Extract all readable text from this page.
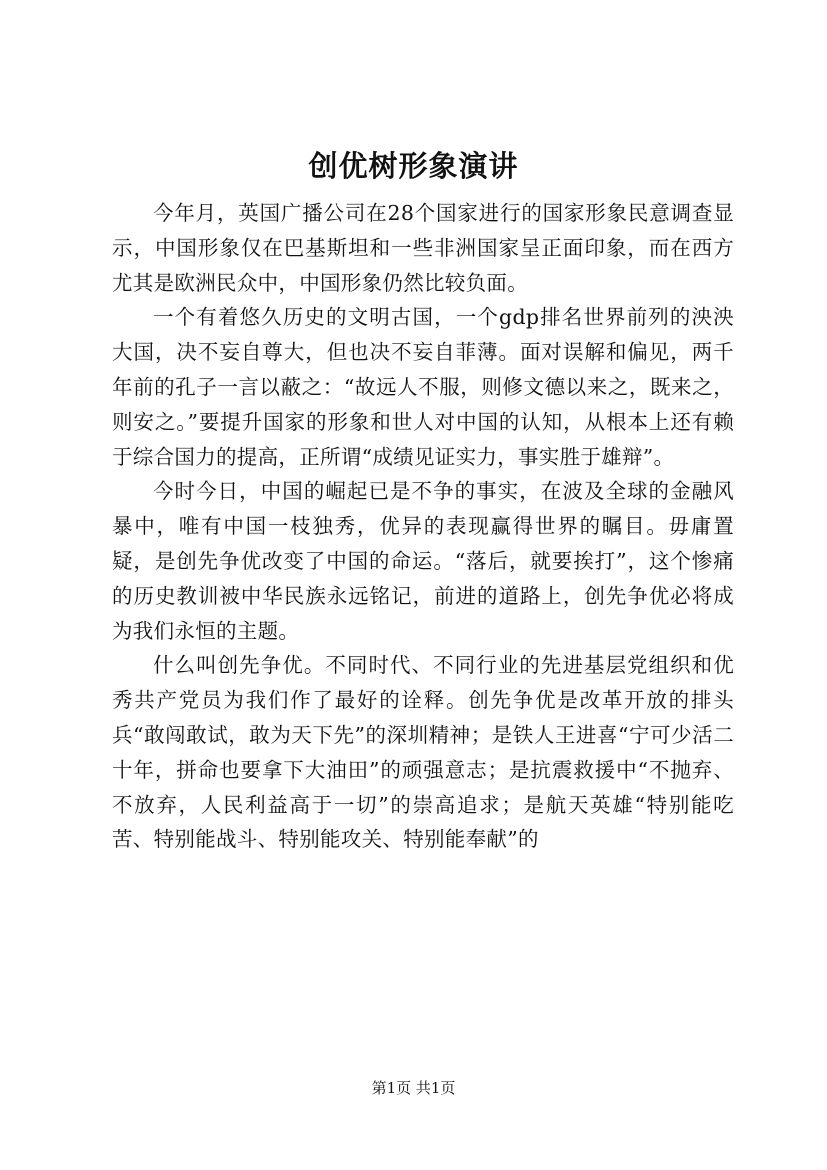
创优树形象演讲

今年月，英国广播公司在28个国家进行的国家形象民意调查显示，中国形象仅在巴基斯坦和一些非洲国家呈正面印象，而在西方尤其是欧洲民众中，中国形象仍然比较负面。

一个有着悠久历史的文明古国，一个gdp排名世界前列的泱泱大国，决不妄自尊大，但也决不妄自菲薄。面对误解和偏见，两千年前的孔子一言以蔽之：“故远人不服，则修文德以来之，既来之，则安之。”要提升国家的形象和世人对中国的认知，从根本上还有赖于综合国力的提高，正所谓“成绩见证实力，事实胜于雄辩”。

今时今日，中国的崛起已是不争的事实，在波及全球的金融风暴中，唯有中国一枝独秀，优异的表现赢得世界的瞩目。毋庸置疑，是创先争优改变了中国的命运。“落后，就要挨打”，这个惨痛的历史教训被中华民族永远铭记，前进的道路上，创先争优必将成为我们永恒的主题。

什么叫创先争优。不同时代、不同行业的先进基层党组织和优秀共产党员为我们作了最好的诠释。创先争优是改革开放的排头兵“敢闯敢试，敢为天下先”的深圳精神；是铁人王进喜“宁可少活二十年，拼命也要拿下大油田”的顽强意志；是抗震救援中“不抛弃、不放弃，人民利益高于一切”的崇高追求；是航天英雄“特别能吃苦、特别能战斗、特别能攻关、特别能奉献”的

第1页 共1页
